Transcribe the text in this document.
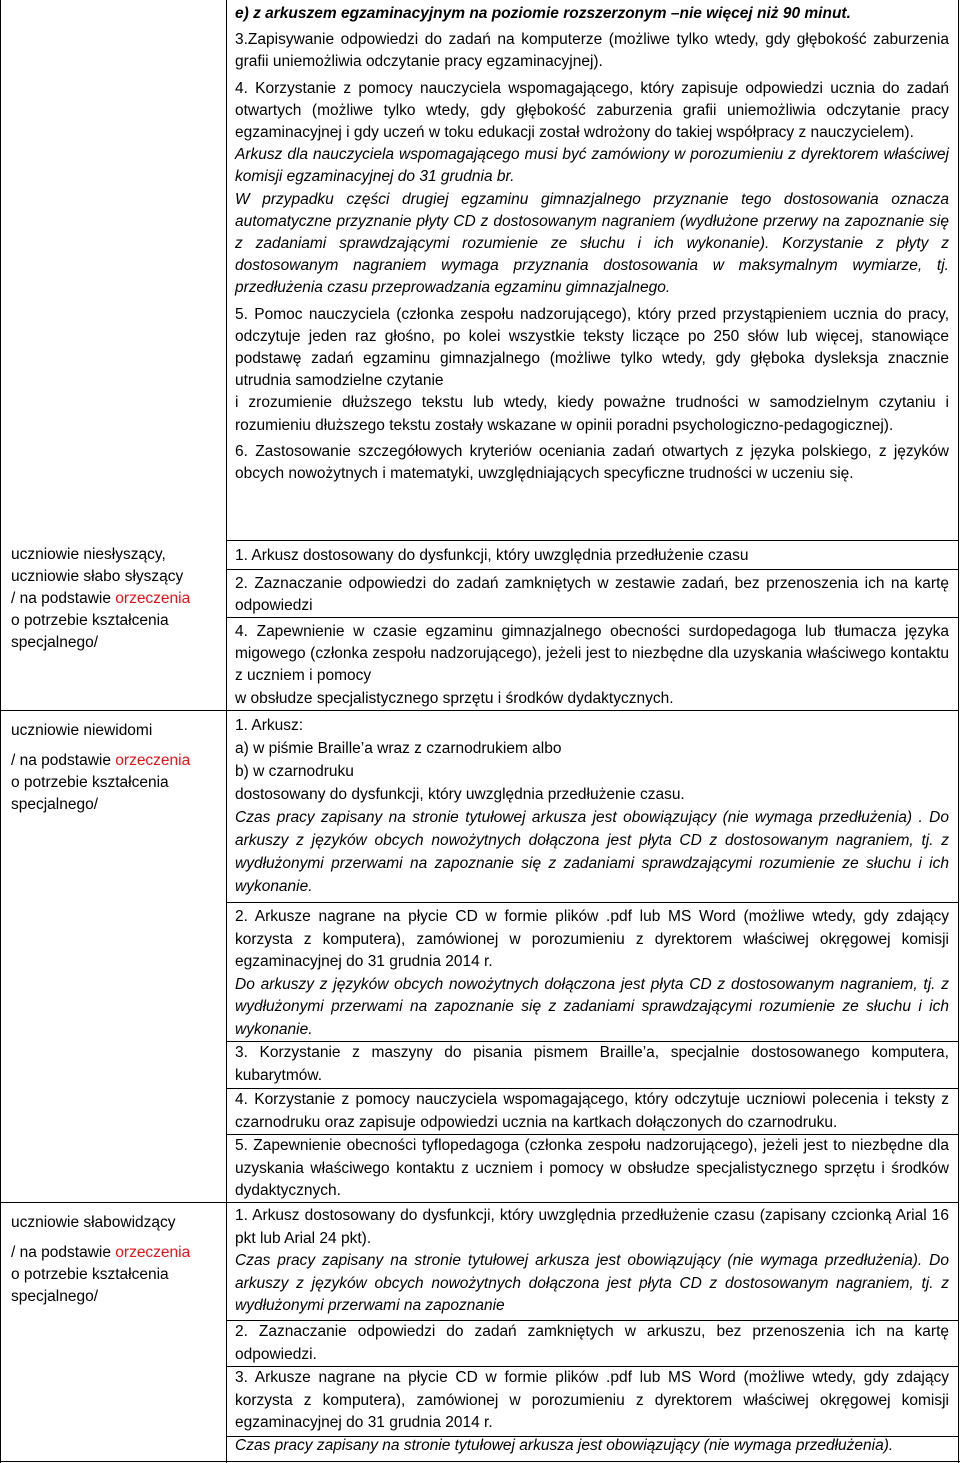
uczniowie niesłyszący,
uczniowie słabo słyszący
/ na podstawie orzeczenia
o potrzebie kształcenia
specjalnego/
uczniowie niewidomi
/ na podstawie orzeczenia
o potrzebie kształcenia
specjalnego/
uczniowie słabowidzący
/ na podstawie orzeczenia
o potrzebie kształcenia
specjalnego/

e) z arkuszem egzaminacyjnym na poziomie rozszerzonym –nie więcej niż 90 minut.

3.Zapisywanie odpowiedzi do zadań na komputerze (możliwe tylko wtedy, gdy głębokość zaburzenia grafii uniemożliwia odczytanie pracy egzaminacyjnej).

4. Korzystanie z pomocy nauczyciela wspomagającego, który zapisuje odpowiedzi ucznia do zadań otwartych (możliwe tylko wtedy, gdy głębokość zaburzenia grafii uniemożliwia odczytanie pracy egzaminacyjnej i gdy uczeń w toku edukacji został wdrożony do takiej współpracy z nauczycielem).

Arkusz dla nauczyciela wspomagającego musi być zamówiony w porozumieniu z dyrektorem właściwej komisji egzaminacyjnej do 31 grudnia br.

W przypadku części drugiej egzaminu gimnazjalnego przyznanie tego dostosowania oznacza automatyczne przyznanie płyty CD z dostosowanym nagraniem (wydłużone przerwy na zapoznanie się z zadaniami sprawdzającymi rozumienie ze słuchu i ich wykonanie). Korzystanie z płyty z dostosowanym nagraniem wymaga przyznania dostosowania w maksymalnym wymiarze, tj. przedłużenia czasu przeprowadzania egzaminu gimnazjalnego.

5. Pomoc nauczyciela (członka zespołu nadzorującego), który przed przystąpieniem ucznia do pracy, odczytuje jeden raz głośno, po kolei wszystkie teksty liczące po 250 słów lub więcej, stanowiące podstawę zadań egzaminu gimnazjalnego (możliwe tylko wtedy, gdy głęboka dysleksja znacznie utrudnia samodzielne czytanie

i zrozumienie dłuższego tekstu lub wtedy, kiedy poważne trudności w samodzielnym czytaniu i rozumieniu dłuższego tekstu zostały wskazane w opinii poradni psychologiczno-pedagogicznej).

6. Zastosowanie szczegółowych kryteriów oceniania zadań otwartych z języka polskiego, z języków obcych nowożytnych i matematyki, uwzględniających specyficzne trudności w uczeniu się.

1. Arkusz dostosowany do dysfunkcji, który uwzględnia przedłużenie czasu

2. Zaznaczanie odpowiedzi do zadań zamkniętych w zestawie zadań, bez przenoszenia ich na kartę odpowiedzi

4. Zapewnienie w czasie egzaminu gimnazjalnego obecności surdopedagoga lub tłumacza języka migowego (członka zespołu nadzorującego), jeżeli jest to niezbędne dla uzyskania właściwego kontaktu z uczniem i pomocy

w obsłudze specjalistycznego sprzętu i środków dydaktycznych.

1. Arkusz:

a) w piśmie Braille’a wraz z czarnodrukiem albo

b) w czarnodruku

dostosowany do dysfunkcji, który uwzględnia przedłużenie czasu.

Czas pracy zapisany na stronie tytułowej arkusza jest obowiązujący (nie wymaga przedłużenia) . Do arkuszy z języków obcych nowożytnych dołączona jest płyta CD z dostosowanym nagraniem, tj. z wydłużonymi przerwami na zapoznanie się z zadaniami sprawdzającymi rozumienie ze słuchu i ich wykonanie.

2. Arkusze nagrane na płycie CD w formie plików .pdf lub MS Word (możliwe wtedy, gdy zdający korzysta z komputera), zamówionej w porozumieniu z dyrektorem właściwej okręgowej komisji egzaminacyjnej do 31 grudnia 2014 r.

Do arkuszy z języków obcych nowożytnych dołączona jest płyta CD z dostosowanym nagraniem, tj. z wydłużonymi przerwami na zapoznanie się z zadaniami sprawdzającymi rozumienie ze słuchu i ich wykonanie.

3. Korzystanie z maszyny do pisania pismem Braille’a, specjalnie dostosowanego komputera, kubarytmów.

4. Korzystanie z pomocy nauczyciela wspomagającego, który odczytuje uczniowi polecenia i teksty z czarnodruku oraz zapisuje odpowiedzi ucznia na kartkach dołączonych do czarnodruku.

5. Zapewnienie obecności tyflopedagoga (członka zespołu nadzorującego), jeżeli jest to niezbędne dla uzyskania właściwego kontaktu z uczniem i pomocy w obsłudze specjalistycznego sprzętu i środków dydaktycznych.

1. Arkusz dostosowany do dysfunkcji, który uwzględnia przedłużenie czasu (zapisany czcionką Arial 16 pkt lub Arial 24 pkt).

Czas pracy zapisany na stronie tytułowej arkusza jest obowiązujący (nie wymaga przedłużenia). Do arkuszy z języków obcych nowożytnych dołączona jest płyta CD z dostosowanym nagraniem, tj. z wydłużonymi przerwami na zapoznanie

2. Zaznaczanie odpowiedzi do zadań zamkniętych w arkuszu, bez przenoszenia ich na kartę odpowiedzi.

3. Arkusze nagrane na płycie CD w formie plików .pdf lub MS Word (możliwe wtedy, gdy zdający korzysta z komputera), zamówionej w porozumieniu z dyrektorem właściwej okręgowej komisji egzaminacyjnej do 31 grudnia 2014 r.

Czas pracy zapisany na stronie tytułowej arkusza jest obowiązujący (nie wymaga przedłużenia).
